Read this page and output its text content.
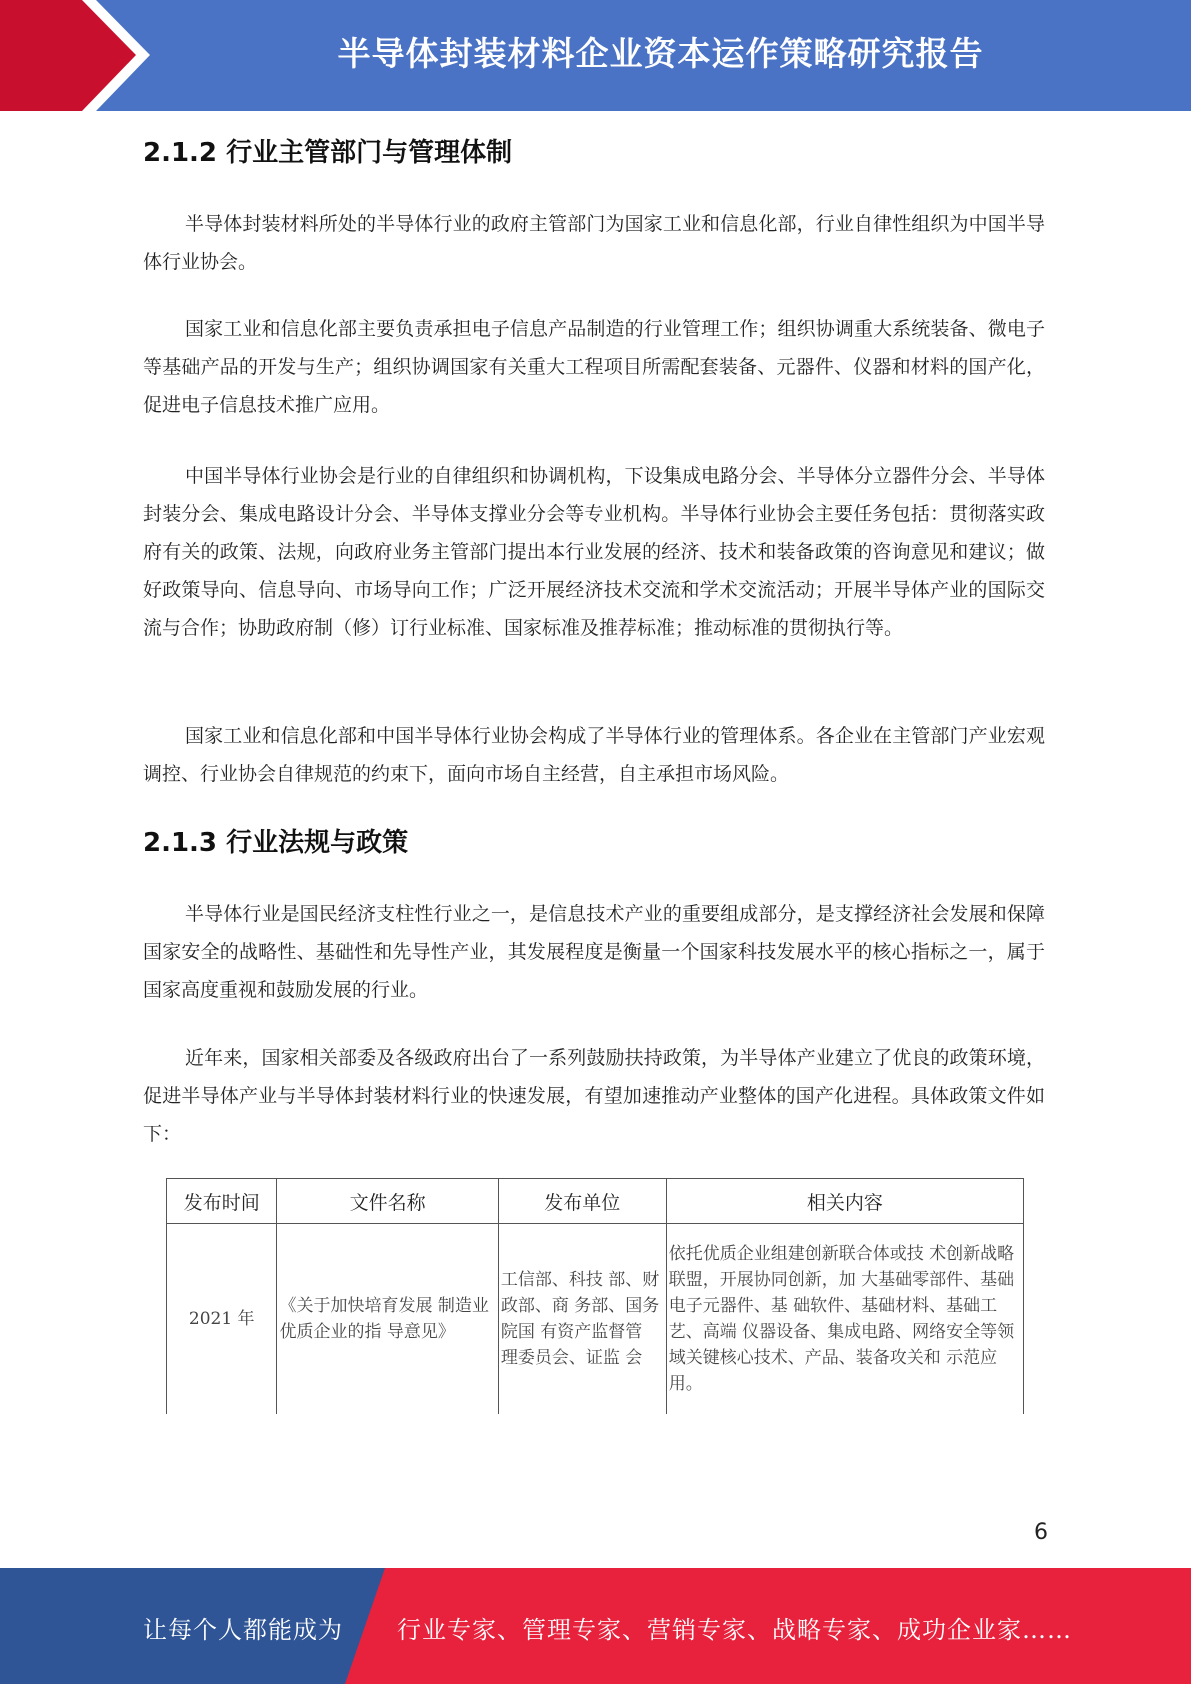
半导体封装材料企业资本运作策略研究报告
2.1.2 行业主管部门与管理体制

半导体封装材料所处的半导体行业的政府主管部门为国家工业和信息化部，行业自律性组织为中国半导体行业协会。

国家工业和信息化部主要负责承担电子信息产品制造的行业管理工作；组织协调重大系统装备、微电子等基础产品的开发与生产；组织协调国家有关重大工程项目所需配套装备、元器件、仪器和材料的国产化，促进电子信息技术推广应用。

中国半导体行业协会是行业的自律组织和协调机构，下设集成电路分会、半导体分立器件分会、半导体封装分会、集成电路设计分会、半导体支撑业分会等专业机构。半导体行业协会主要任务包括：贯彻落实政府有关的政策、法规，向政府业务主管部门提出本行业发展的经济、技术和装备政策的咨询意见和建议；做好政策导向、信息导向、市场导向工作；广泛开展经济技术交流和学术交流活动；开展半导体产业的国际交流与合作；协助政府制（修）订行业标准、国家标准及推荐标准；推动标准的贯彻执行等。

国家工业和信息化部和中国半导体行业协会构成了半导体行业的管理体系。各企业在主管部门产业宏观调控、行业协会自律规范的约束下，面向市场自主经营，自主承担市场风险。

2.1.3 行业法规与政策

半导体行业是国民经济支柱性行业之一，是信息技术产业的重要组成部分，是支撑经济社会发展和保障国家安全的战略性、基础性和先导性产业，其发展程度是衡量一个国家科技发展水平的核心指标之一，属于国家高度重视和鼓励发展的行业。

近年来，国家相关部委及各级政府出台了一系列鼓励扶持政策，为半导体产业建立了优良的政策环境，促进半导体产业与半导体封装材料行业的快速发展，有望加速推动产业整体的国产化进程。具体政策文件如下：

发布时间	文件名称	发布单位	相关内容
2021 年	《关于加快培育发展 制造业优质企业的指 导意见》	工信部、科技 部、财政部、商 务部、国务院国 有资产监督管 理委员会、证监 会	依托优质企业组建创新联合体或技 术创新战略联盟，开展协同创新，加 大基础零部件、基础电子元器件、基 础软件、基础材料、基础工艺、高端 仪器设备、集成电路、网络安全等领 域关键核心技术、产品、装备攻关和 示范应用。
6
让每个人都能成为 行业专家、管理专家、营销专家、战略专家、成功企业家……
